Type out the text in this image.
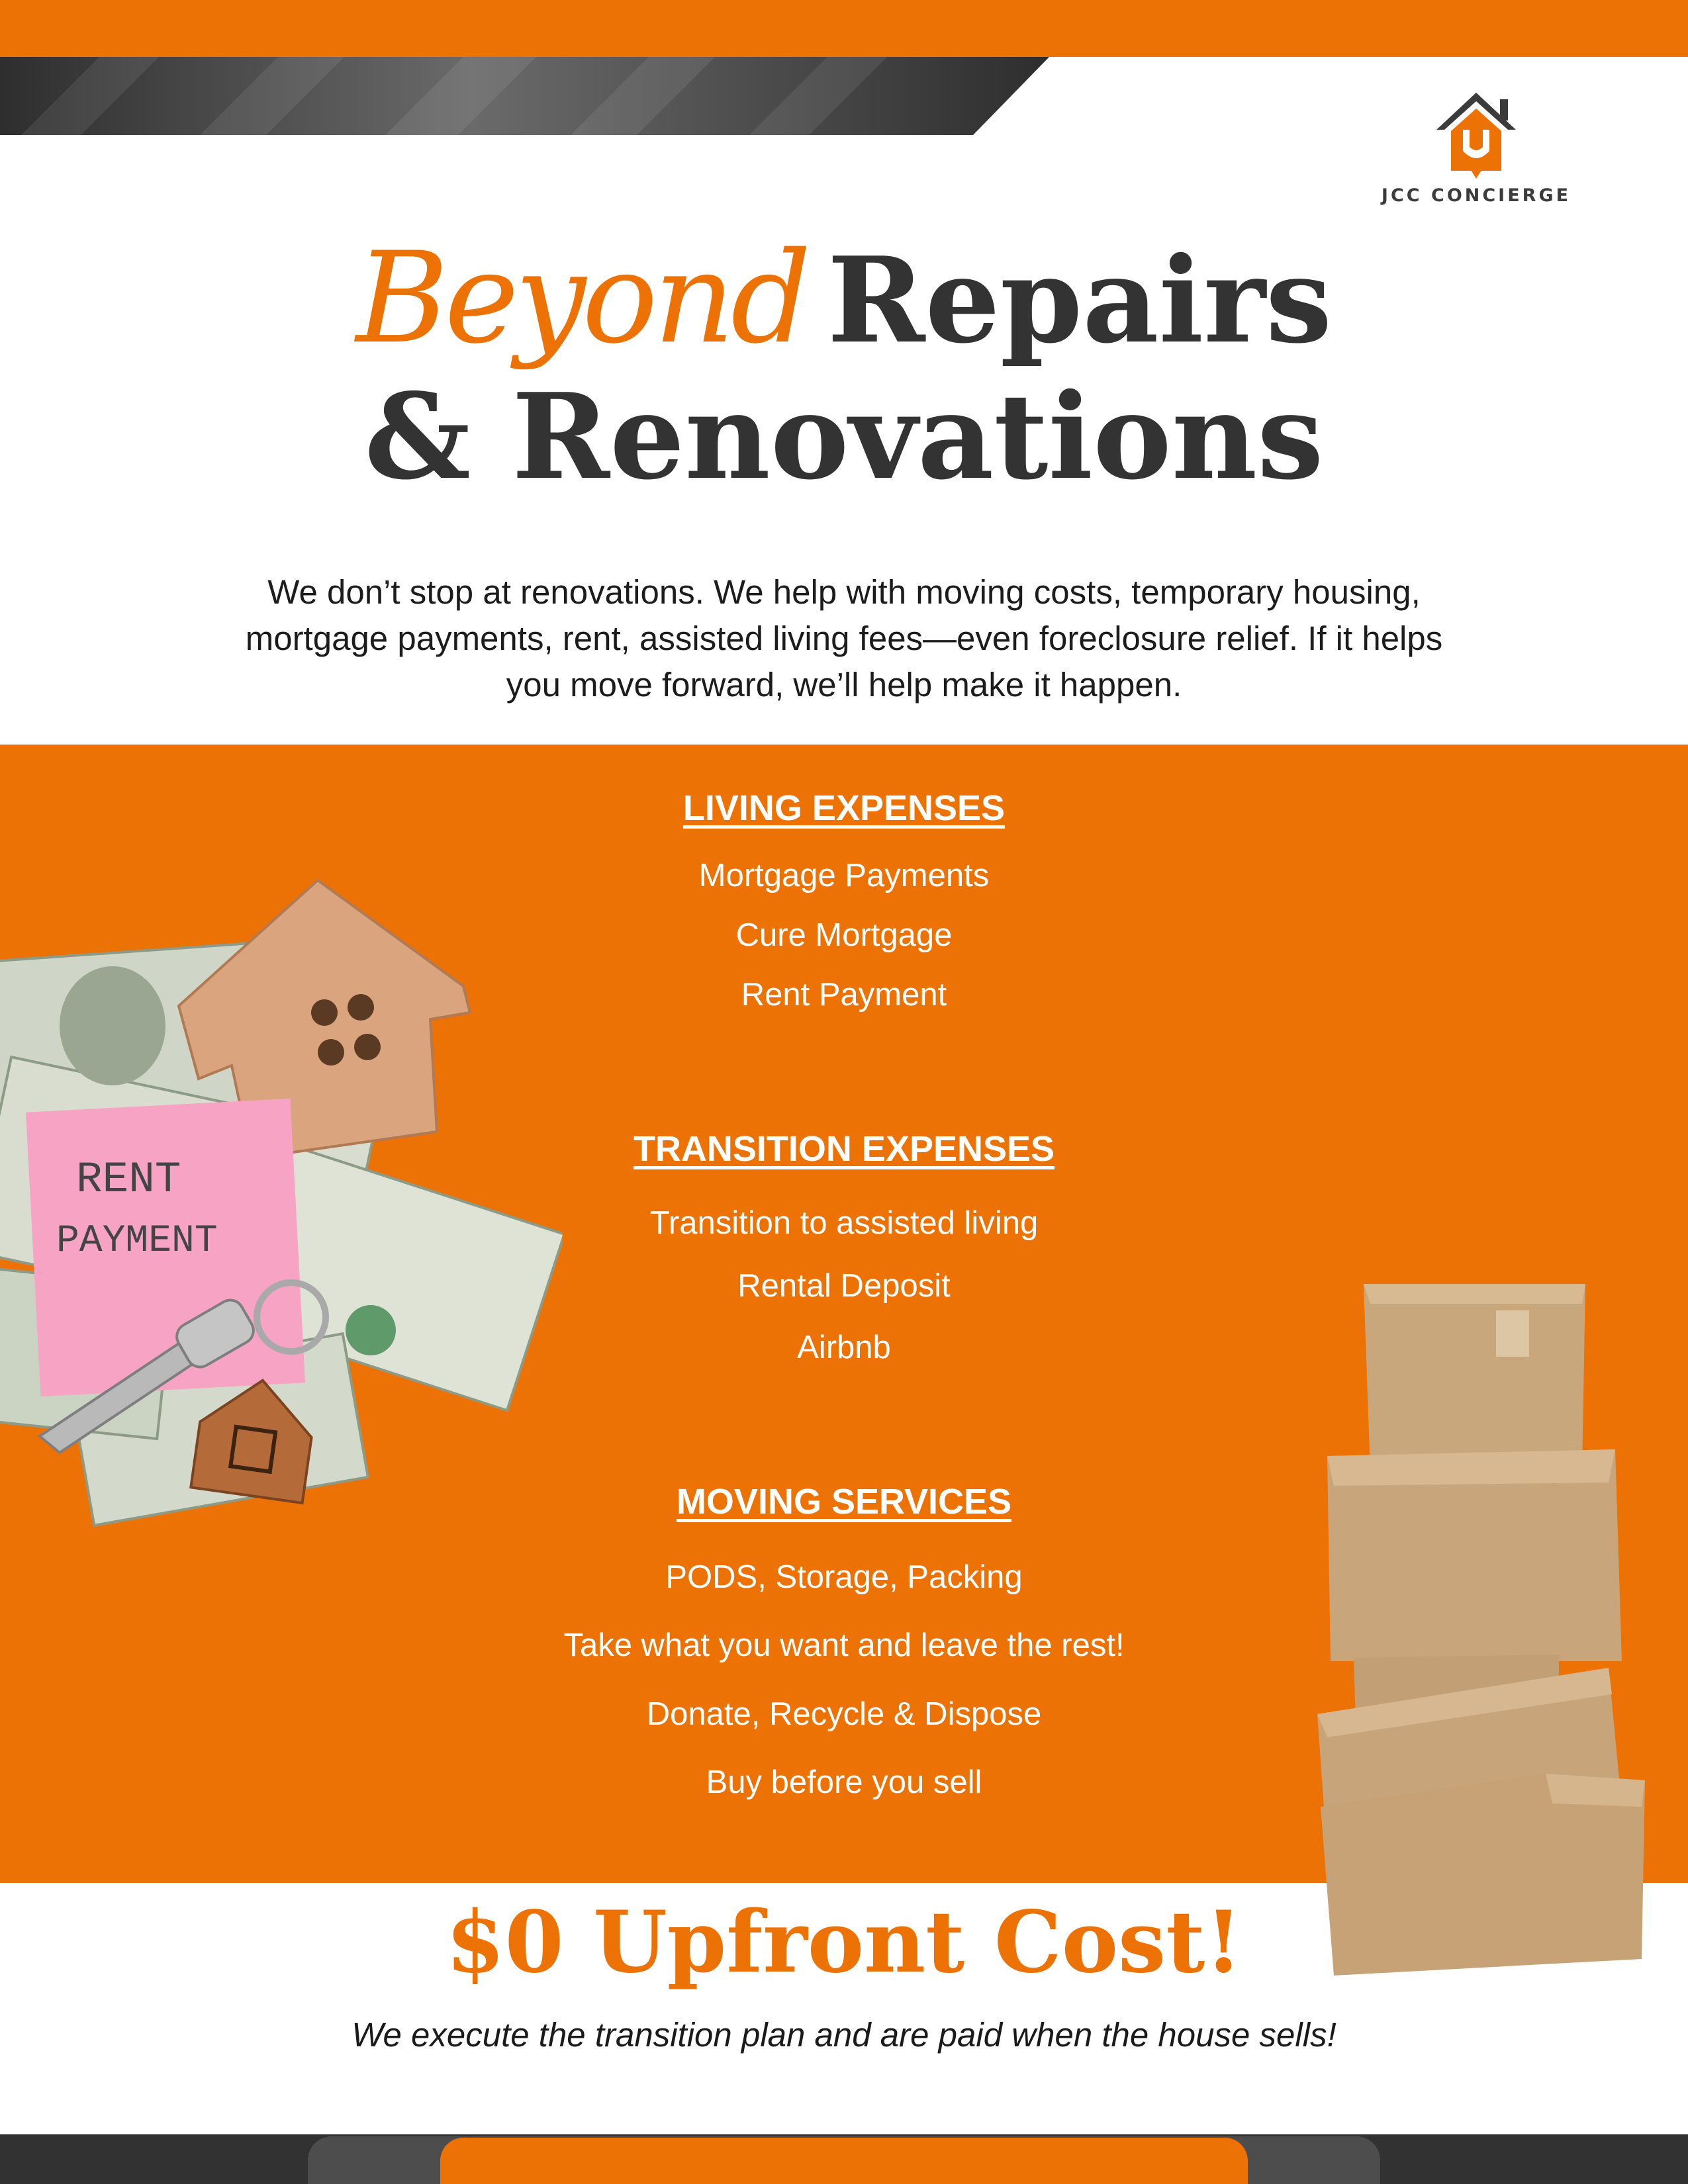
JCC CONCIERGE
Beyond Repairs
& Renovations
We don’t stop at renovations. We help with moving costs, temporary housing, mortgage payments, rent, assisted living fees—even foreclosure relief. If it helps you move forward, we’ll help make it happen.
RENT
PAYMENT
LIVING EXPENSES
Mortgage Payments
Cure Mortgage
Rent Payment
TRANSITION EXPENSES
Transition to assisted living
Rental Deposit
Airbnb
MOVING SERVICES
PODS, Storage, Packing
Take what you want and leave the rest!
Donate, Recycle & Dispose
Buy before you sell
$0 Upfront Cost!
We execute the transition plan and are paid when the house sells!
